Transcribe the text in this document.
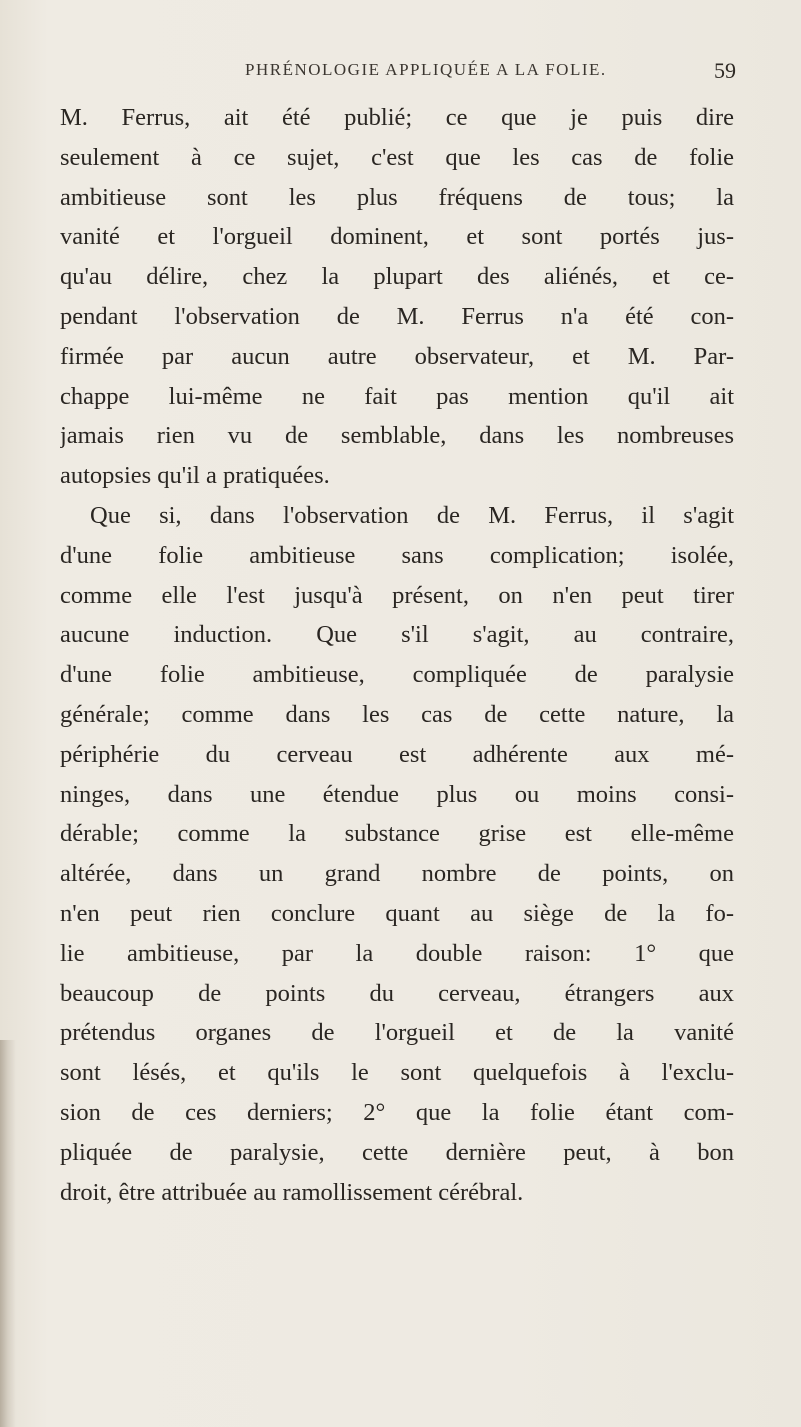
PHRÉNOLOGIE APPLIQUÉE A LA FOLIE.	59
M. Ferrus, ait été publié; ce que je puis dire
seulement à ce sujet, c'est que les cas de folie
ambitieuse sont les plus fréquens de tous; la
vanité et l'orgueil dominent, et sont portés jus-
qu'au délire, chez la plupart des aliénés, et ce-
pendant l'observation de M. Ferrus n'a été con-
firmée par aucun autre observateur, et M. Par-
chappe lui-même ne fait pas mention qu'il ait
jamais rien vu de semblable, dans les nombreuses
autopsies qu'il a pratiquées.
Que si, dans l'observation de M. Ferrus, il s'agit
d'une folie ambitieuse sans complication; isolée,
comme elle l'est jusqu'à présent, on n'en peut tirer
aucune induction. Que s'il s'agit, au contraire,
d'une folie ambitieuse, compliquée de paralysie
générale; comme dans les cas de cette nature, la
périphérie du cerveau est adhérente aux mé-
ninges, dans une étendue plus ou moins consi-
dérable; comme la substance grise est elle-même
altérée, dans un grand nombre de points, on
n'en peut rien conclure quant au siège de la fo-
lie ambitieuse, par la double raison: 1° que
beaucoup de points du cerveau, étrangers aux
prétendus organes de l'orgueil et de la vanité
sont lésés, et qu'ils le sont quelquefois à l'exclu-
sion de ces derniers; 2° que la folie étant com-
pliquée de paralysie, cette dernière peut, à bon
droit, être attribuée au ramollissement cérébral.
